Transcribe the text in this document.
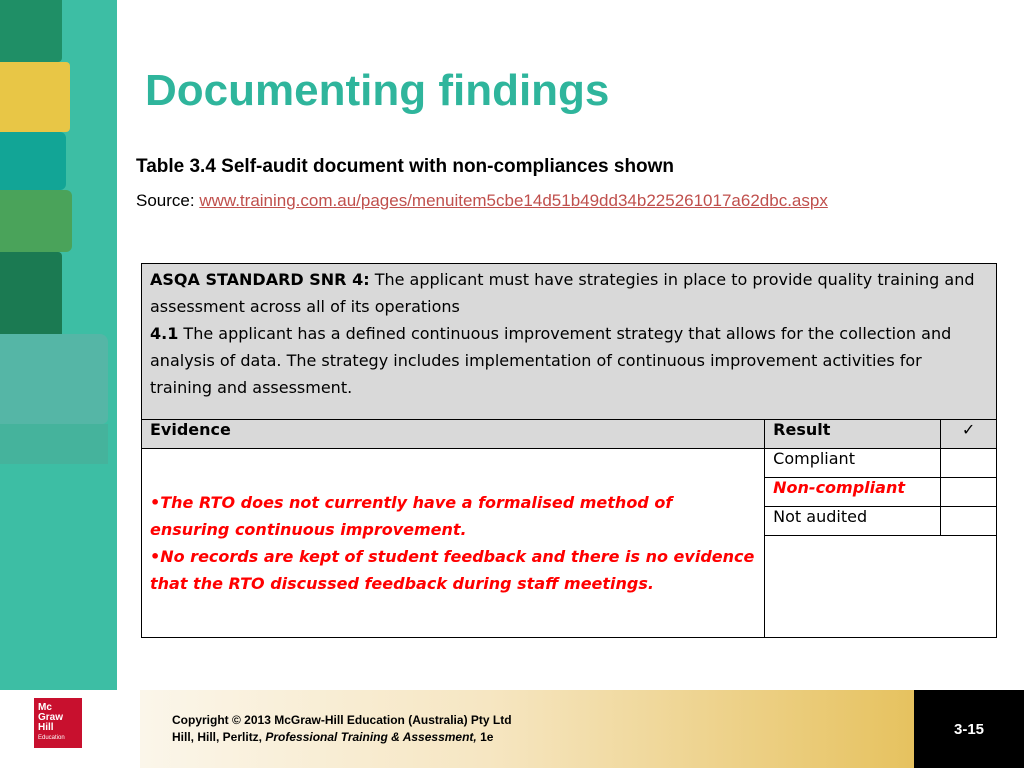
Documenting findings
Table 3.4 Self-audit document with non-compliances shown
Source: www.training.com.au/pages/menuitem5cbe14d51b49dd34b225261017a62dbc.aspx
ASQA STANDARD SNR 4: The applicant must have strategies in place to provide quality training and assessment across all of its operations
4.1 The applicant has a defined continuous improvement strategy that allows for the collection and analysis of data. The strategy includes implementation of continuous improvement activities for training and assessment.		
Evidence	Result	✓

•The RTO does not currently have a formalised method of ensuring continuous improvement.
•No records are kept of student feedback and there is no evidence that the RTO discussed feedback during staff meetings.	Compliant	
	Non-compliant	
	Not audited	

Copyright © 2013 McGraw-Hill Education (Australia) Pty Ltd
Hill, Hill, Perlitz, Professional Training & Assessment, 1e
Mc
Graw
Hill
Education
3-15
